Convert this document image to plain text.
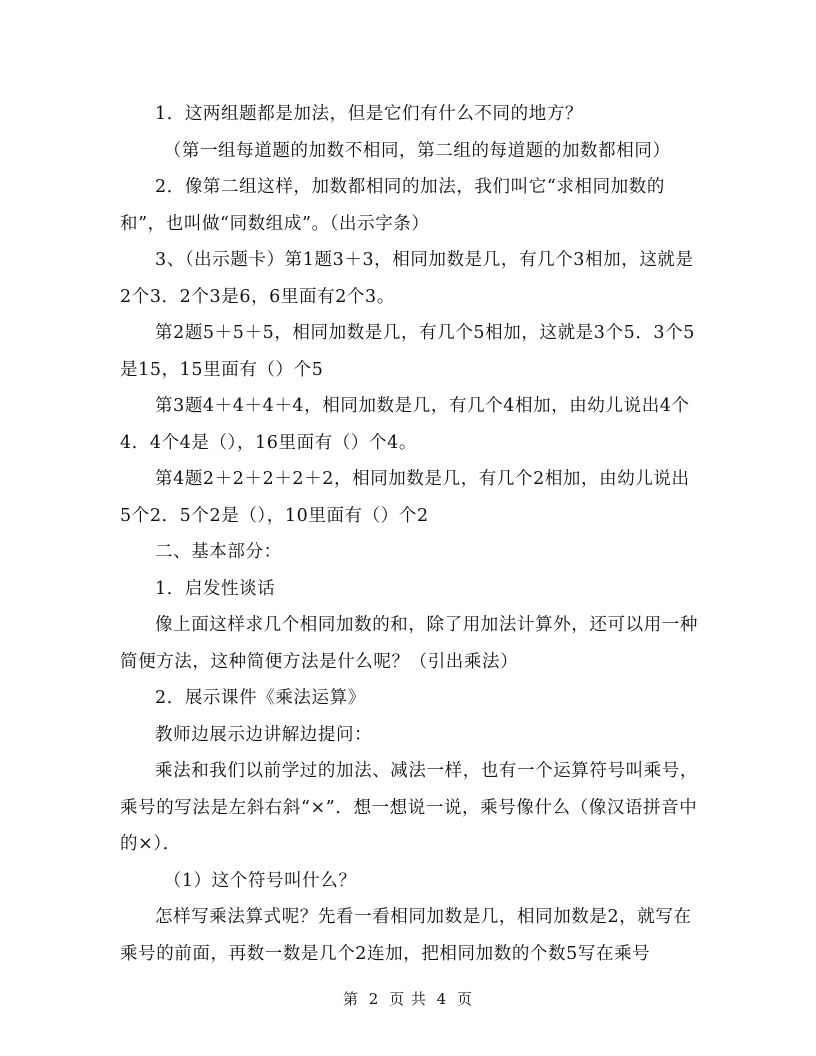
1．这两组题都是加法，但是它们有什么不同的地方？

（第一组每道题的加数不相同，第二组的每道题的加数都相同）

2．像第二组这样，加数都相同的加法，我们叫它“求相同加数的和”，也叫做“同数组成”。（出示字条）

3、（出示题卡）第1题3＋3，相同加数是几，有几个3相加，这就是2个3．2个3是6，6里面有2个3。

第2题5＋5＋5，相同加数是几，有几个5相加，这就是3个5．3个5是15，15里面有（）个5

第3题4＋4＋4＋4，相同加数是几，有几个4相加，由幼儿说出4个4．4个4是（），16里面有（）个4。

第4题2＋2＋2＋2＋2，相同加数是几，有几个2相加，由幼儿说出5个2．5个2是（），10里面有（）个2

二、基本部分：

1．启发性谈话

像上面这样求几个相同加数的和，除了用加法计算外，还可以用一种简便方法，这种简便方法是什么呢？（引出乘法）

2．展示课件《乘法运算》

教师边展示边讲解边提问：

乘法和我们以前学过的加法、减法一样，也有一个运算符号叫乘号，乘号的写法是左斜右斜“×”．想一想说一说，乘号像什么（像汉语拼音中的×）．

（1）这个符号叫什么？

怎样写乘法算式呢？先看一看相同加数是几，相同加数是2，就写在乘号的前面，再数一数是几个2连加，把相同加数的个数5写在乘号

第 2 页 共 4 页
